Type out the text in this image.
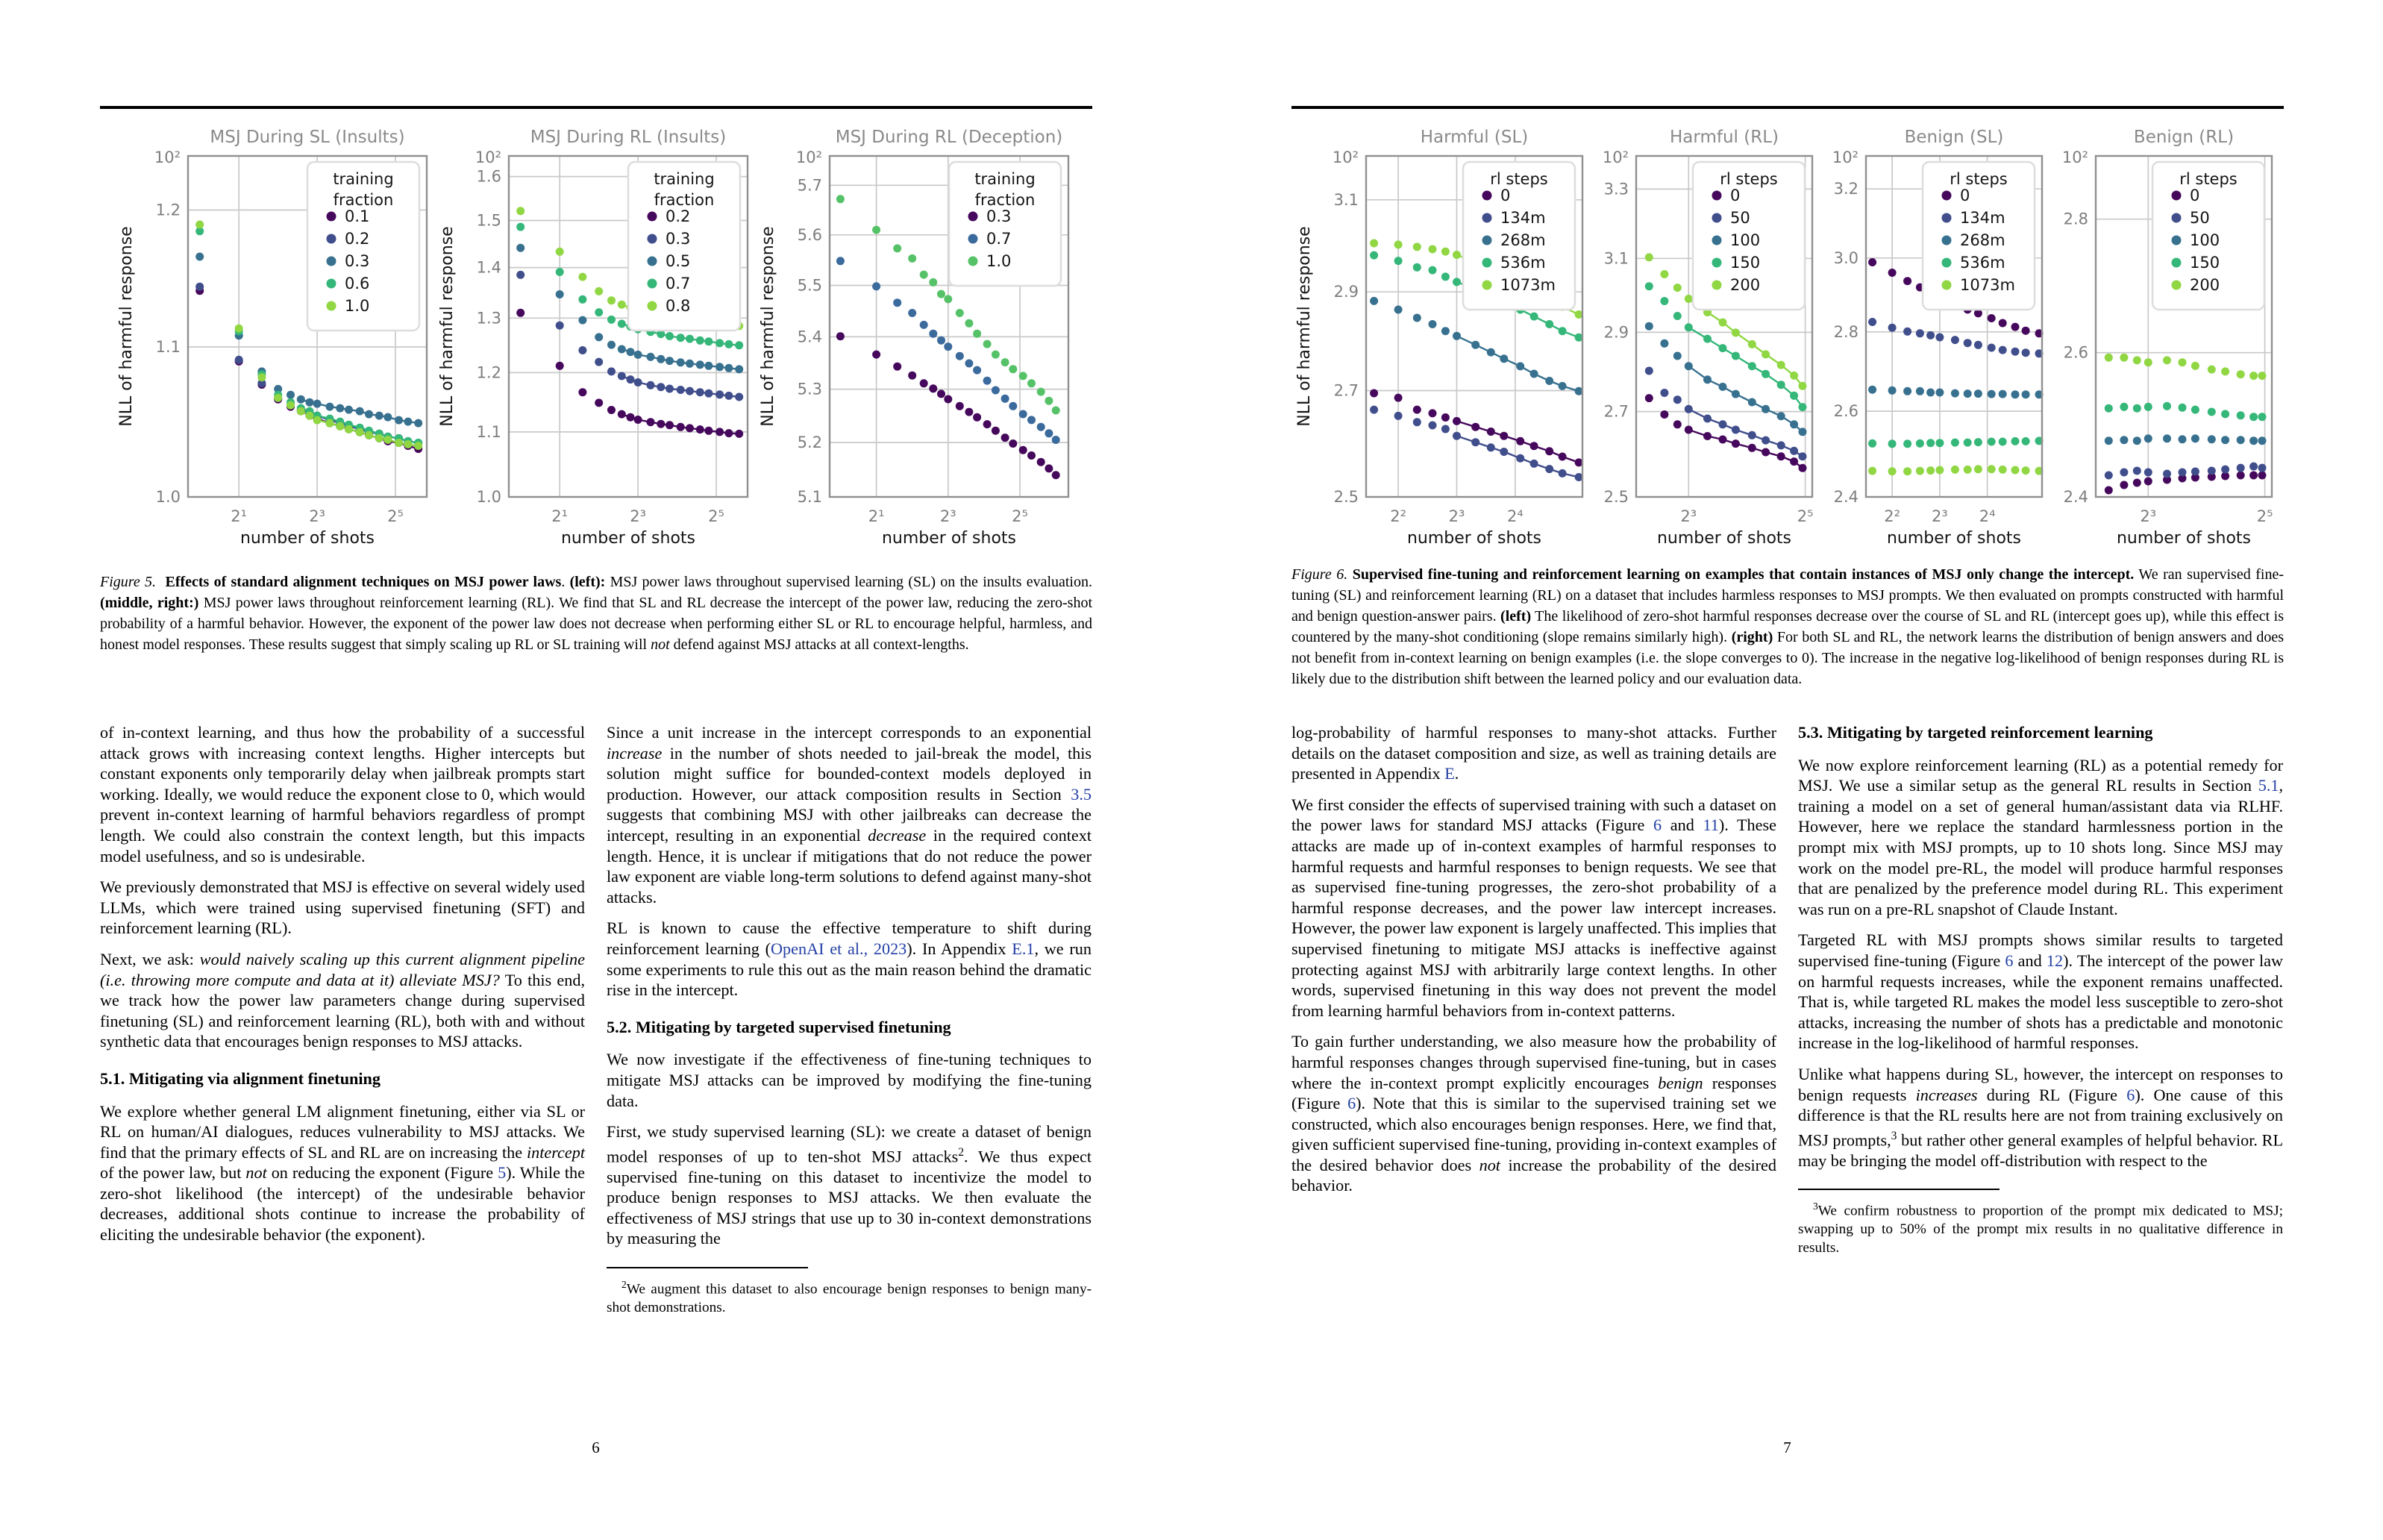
2¹	2³	2⁵
1.2
1.1
1.0
10²
MSJ During SL (Insults)
number of shots
NLL of harmful response
training
fraction
0.1
0.2
0.3
0.6
1.0
2¹	2³	2⁵
1.6
1.5
1.4
1.3
1.2
1.1
1.0
10²
MSJ During RL (Insults)
number of shots
NLL of harmful response
training
fraction
0.2
0.3
0.5
0.7
0.8
2¹	2³	2⁵
5.7
5.6
5.5
5.4
5.3
5.2
5.1
10²
MSJ During RL (Deception)
number of shots
NLL of harmful response
training
fraction
0.3
0.7
1.0
Figure 5. Effects of standard alignment techniques on MSJ power laws. (left): MSJ power laws throughout supervised learning (SL) on the insults evaluation. (middle, right:) MSJ power laws throughout reinforcement learning (RL). We find that SL and RL decrease the intercept of the power law, reducing the zero-shot probability of a harmful behavior. However, the exponent of the power law does not decrease when performing either SL or RL to encourage helpful, harmless, and honest model responses. These results suggest that simply scaling up RL or SL training will not defend against MSJ attacks at all context-lengths.

of in-context learning, and thus how the probability of a successful attack grows with increasing context lengths. Higher intercepts but constant exponents only temporarily delay when jailbreak prompts start working. Ideally, we would reduce the exponent close to 0, which would prevent in-context learning of harmful behaviors regardless of prompt length. We could also constrain the context length, but this impacts model usefulness, and so is undesirable.

We previously demonstrated that MSJ is effective on several widely used LLMs, which were trained using supervised finetuning (SFT) and reinforcement learning (RL).

Next, we ask: would naively scaling up this current alignment pipeline (i.e. throwing more compute and data at it) alleviate MSJ? To this end, we track how the power law parameters change during supervised finetuning (SL) and reinforcement learning (RL), both with and without synthetic data that encourages benign responses to MSJ attacks.

5.1. Mitigating via alignment finetuning

We explore whether general LM alignment finetuning, either via SL or RL on human/AI dialogues, reduces vulnerability to MSJ attacks. We find that the primary effects of SL and RL are on increasing the intercept of the power law, but not on reducing the exponent (Figure 5). While the zero-shot likelihood (the intercept) of the undesirable behavior decreases, additional shots continue to increase the probability of eliciting the undesirable behavior (the exponent).

Since a unit increase in the intercept corresponds to an exponential increase in the number of shots needed to jail-break the model, this solution might suffice for bounded-context models deployed in production. However, our attack composition results in Section 3.5 suggests that combining MSJ with other jailbreaks can decrease the intercept, resulting in an exponential decrease in the required context length. Hence, it is unclear if mitigations that do not reduce the power law exponent are viable long-term solutions to defend against many-shot attacks.

RL is known to cause the effective temperature to shift during reinforcement learning (OpenAI et al., 2023). In Appendix E.1, we run some experiments to rule this out as the main reason behind the dramatic rise in the intercept.

5.2. Mitigating by targeted supervised finetuning

We now investigate if the effectiveness of fine-tuning techniques to mitigate MSJ attacks can be improved by modifying the fine-tuning data.

First, we study supervised learning (SL): we create a dataset of benign model responses of up to ten-shot MSJ attacks$^2$. We thus expect supervised fine-tuning on this dataset to incentivize the model to produce benign responses to MSJ attacks. We then evaluate the effectiveness of MSJ strings that use up to 30 in-context demonstrations by measuring the

$^2$We augment this dataset to also encourage benign responses to benign many-shot demonstrations.

6
2²	2³	2⁴
3.1
2.9
2.7
2.5
10²
Harmful (SL)
number of shots
NLL of harmful response
rl steps
0
134m
268m
536m
1073m
2³	2⁵
3.3
3.1
2.9
2.7
2.5
10²
Harmful (RL)
number of shots
rl steps
0
50
100
150
200
2² 2³ 2⁴
3.2
3.0
2.8
2.6
2.4
10²
Benign (SL)
number of shots
rl steps
0
134m
268m
536m
1073m
2³	2⁵
2.8
2.6
2.4
10²
Benign (RL)
number of shots
rl steps
0
50
100
150
200
Figure 6. Supervised fine-tuning and reinforcement learning on examples that contain instances of MSJ only change the intercept. We ran supervised fine-tuning (SL) and reinforcement learning (RL) on a dataset that includes harmless responses to MSJ prompts. We then evaluated on prompts constructed with harmful and benign question-answer pairs. (left) The likelihood of zero-shot harmful responses decrease over the course of SL and RL (intercept goes up), while this effect is countered by the many-shot conditioning (slope remains similarly high). (right) For both SL and RL, the network learns the distribution of benign answers and does not benefit from in-context learning on benign examples (i.e. the slope converges to 0). The increase in the negative log-likelihood of benign responses during RL is likely due to the distribution shift between the learned policy and our evaluation data.

log-probability of harmful responses to many-shot attacks. Further details on the dataset composition and size, as well as training details are presented in Appendix E.

We first consider the effects of supervised training with such a dataset on the power laws for standard MSJ attacks (Figure 6 and 11). These attacks are made up of in-context examples of harmful responses to harmful requests and harmful responses to benign requests. We see that as supervised fine-tuning progresses, the zero-shot probability of a harmful response decreases, and the power law intercept increases. However, the power law exponent is largely unaffected. This implies that supervised finetuning to mitigate MSJ attacks is ineffective against protecting against MSJ with arbitrarily large context lengths. In other words, supervised finetuning in this way does not prevent the model from learning harmful behaviors from in-context patterns.

To gain further understanding, we also measure how the probability of harmful responses changes through supervised fine-tuning, but in cases where the in-context prompt explicitly encourages benign responses (Figure 6). Note that this is similar to the supervised training set we constructed, which also encourages benign responses. Here, we find that, given sufficient supervised fine-tuning, providing in-context examples of the desired behavior does not increase the probability of the desired behavior.

5.3. Mitigating by targeted reinforcement learning

We now explore reinforcement learning (RL) as a potential remedy for MSJ. We use a similar setup as the general RL results in Section 5.1, training a model on a set of general human/assistant data via RLHF. However, here we replace the standard harmlessness portion in the prompt mix with MSJ prompts, up to 10 shots long. Since MSJ may work on the model pre-RL, the model will produce harmful responses that are penalized by the preference model during RL. This experiment was run on a pre-RL snapshot of Claude Instant.

Targeted RL with MSJ prompts shows similar results to targeted supervised fine-tuning (Figure 6 and 12). The intercept of the power law on harmful requests increases, while the exponent remains unaffected. That is, while targeted RL makes the model less susceptible to zero-shot attacks, increasing the number of shots has a predictable and monotonic increase in the log-likelihood of harmful responses.

Unlike what happens during SL, however, the intercept on responses to benign requests increases during RL (Figure 6). One cause of this difference is that the RL results here are not from training exclusively on MSJ prompts,$^3$ but rather other general examples of helpful behavior. RL may be bringing the model off-distribution with respect to the

$^3$We confirm robustness to proportion of the prompt mix dedicated to MSJ; swapping up to 50% of the prompt mix results in no qualitative difference in results.

7
